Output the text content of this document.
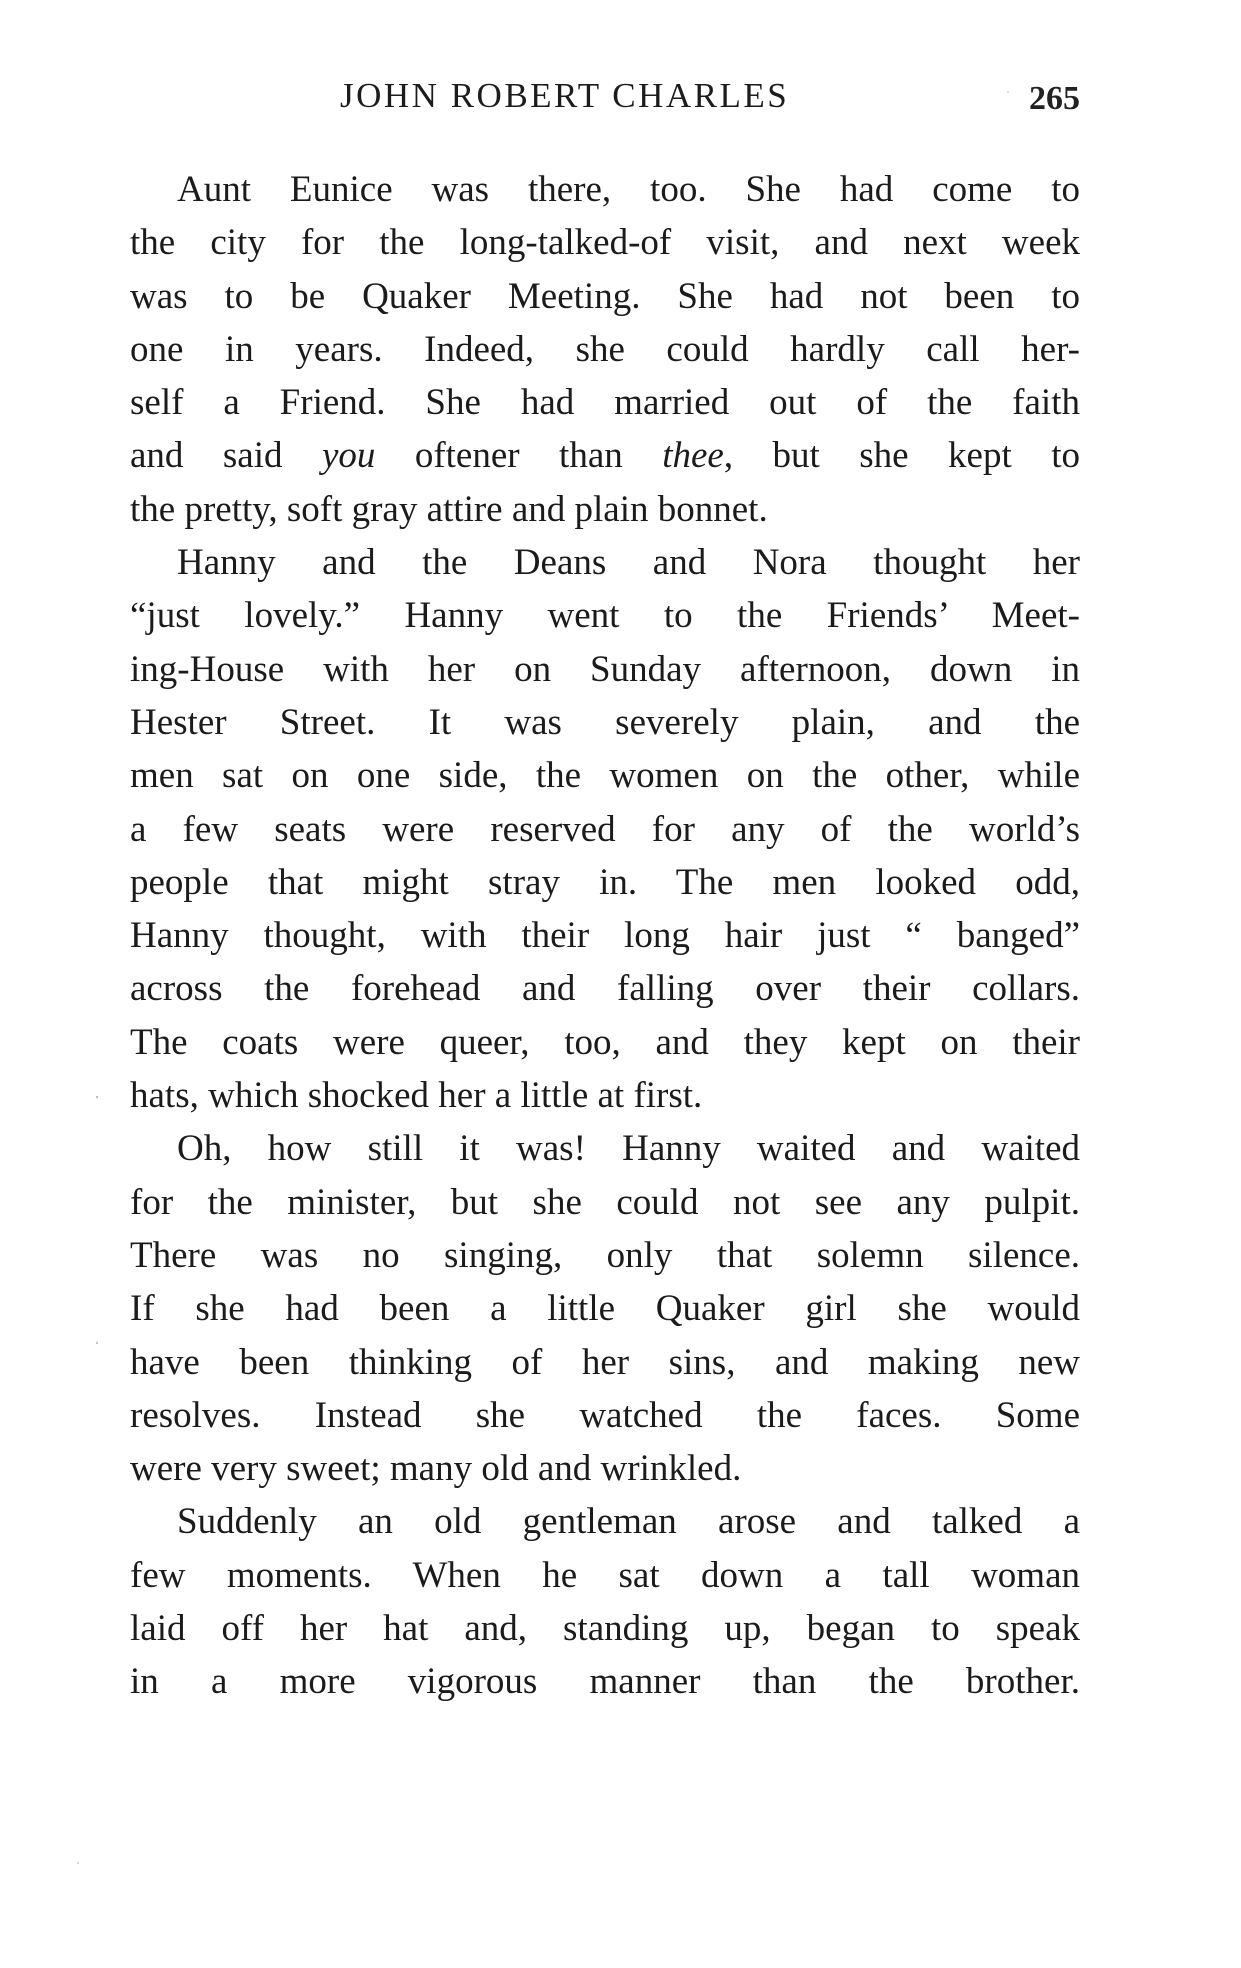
JOHN ROBERT CHARLES	265
Aunt Eunice was there, too. She had come to
the city for the long-talked-of visit, and next week
was to be Quaker Meeting. She had not been to
one in years. Indeed, she could hardly call her-
self a Friend. She had married out of the faith
and said you oftener than thee, but she kept to
the pretty, soft gray attire and plain bonnet.
Hanny and the Deans and Nora thought her
“just lovely.” Hanny went to the Friends’ Meet-
ing-House with her on Sunday afternoon, down in
Hester Street. It was severely plain, and the
men sat on one side, the women on the other, while
a few seats were reserved for any of the world’s
people that might stray in. The men looked odd,
Hanny thought, with their long hair just “ banged”
across the forehead and falling over their collars.
The coats were queer, too, and they kept on their
hats, which shocked her a little at first.
Oh, how still it was! Hanny waited and waited
for the minister, but she could not see any pulpit.
There was no singing, only that solemn silence.
If she had been a little Quaker girl she would
have been thinking of her sins, and making new
resolves. Instead she watched the faces. Some
were very sweet; many old and wrinkled.
Suddenly an old gentleman arose and talked a
few moments. When he sat down a tall woman
laid off her hat and, standing up, began to speak
in a more vigorous manner than the brother.
